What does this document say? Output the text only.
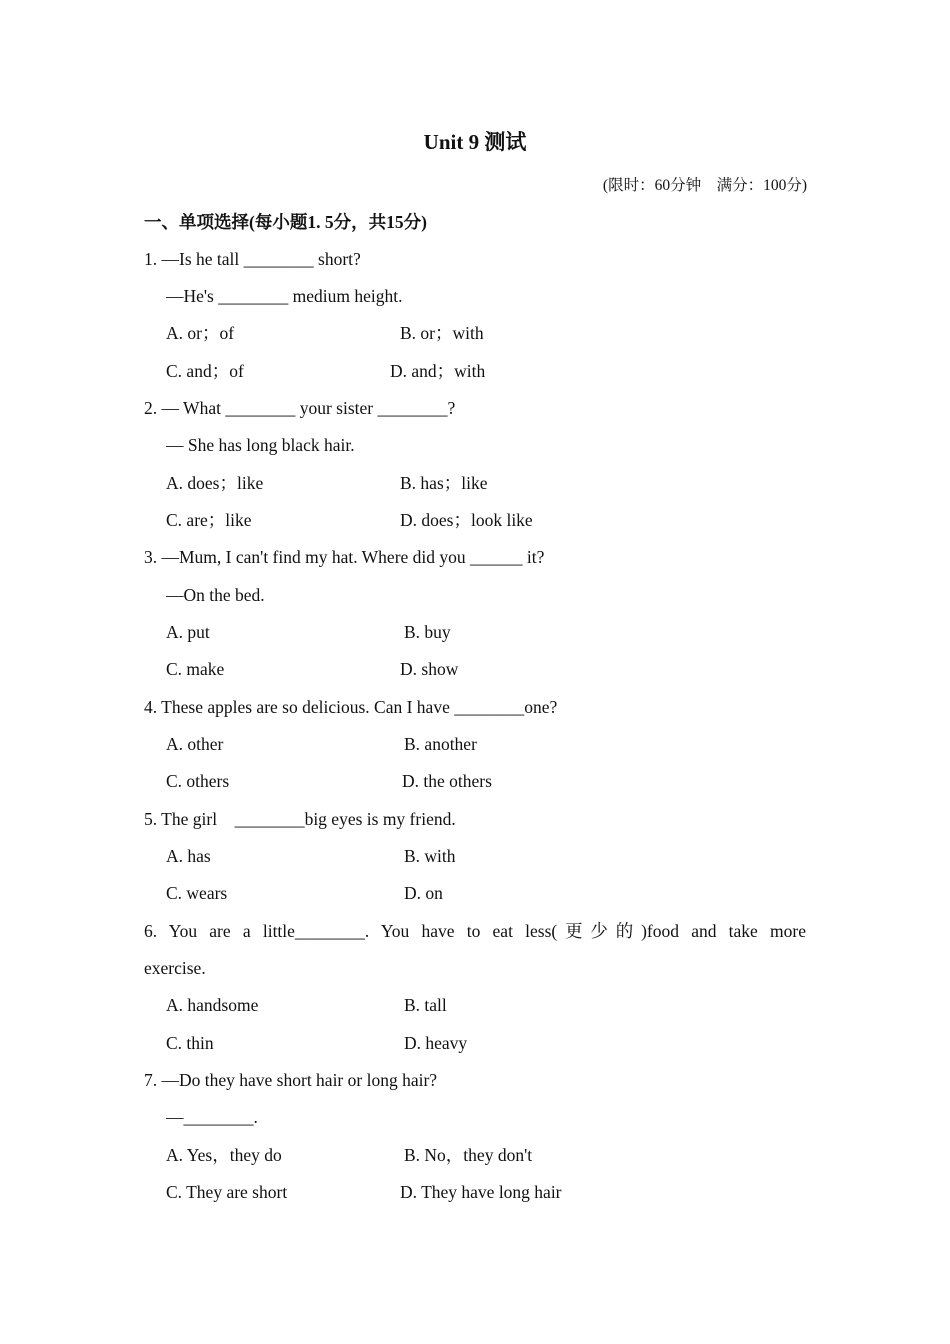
Unit 9 测试
(限时：60分钟　满分：100分)
一、单项选择(每小题1. 5分，共15分)
1. —Is he tall ________ short?
—He's ________ medium height.
A. or；of	B. or；with
C. and；of	D. and；with
2. — What ________ your sister ________?
— She has long black hair.
A. does；like	B. has；like
C. are；like	D. does；look like
3. —Mum, I can't find my hat. Where did you ______ it?
—On the bed.
A. put	B. buy
C. make	D. show
4. These apples are so delicious. Can I have ________one?
A. other	B. another
C. others	D. the others
5. The girl    ________big eyes is my friend.
A. has	B. with
C. wears	D. on
6. You are a little________. You have to eat less(更少的)food and take more
exercise.
A. handsome	B. tall
C. thin	D. heavy
7. —Do they have short hair or long hair?
—________.
A. Yes，they do	B. No，they don't
C. They are short	D. They have long hair
